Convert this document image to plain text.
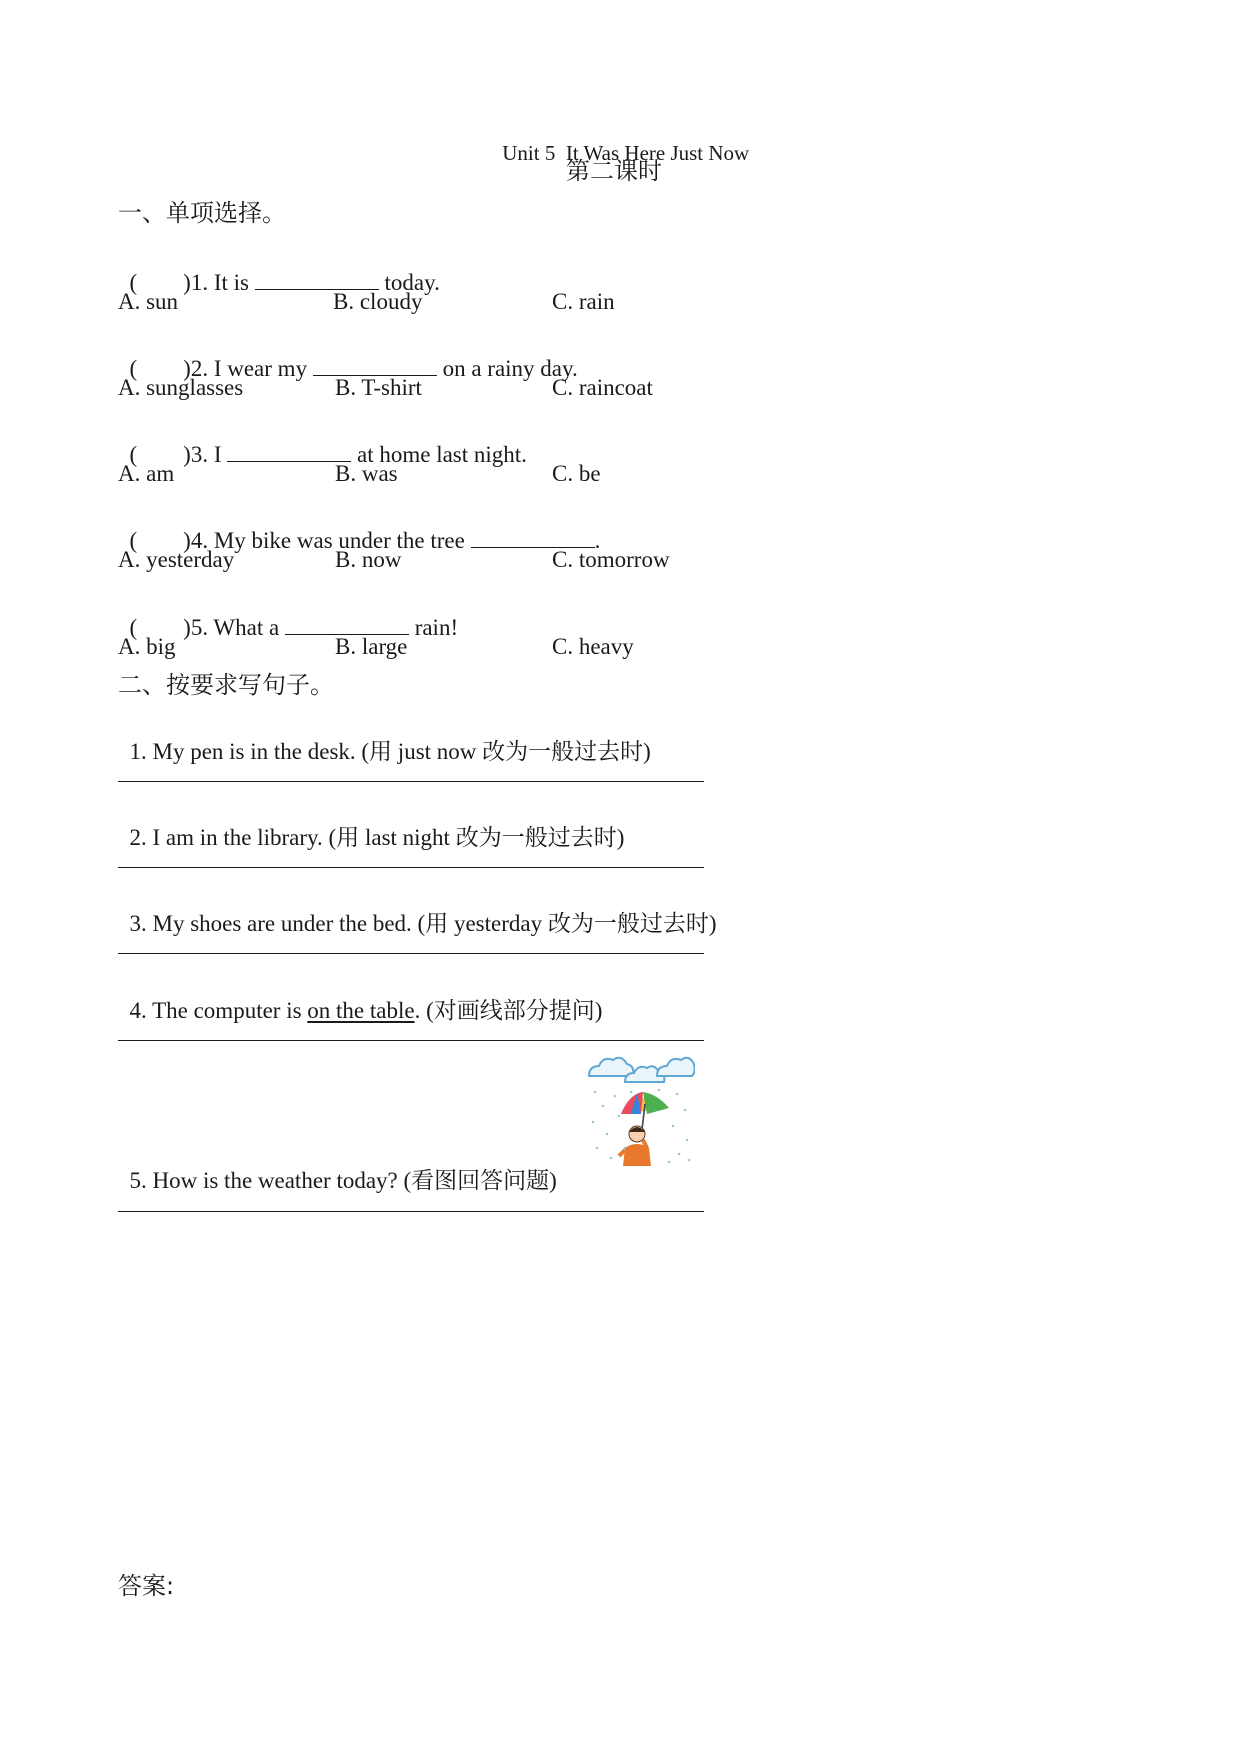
Unit 5  It Was Here Just Now

第二课时
一、单项选择。

(        )1. It is	today.

A. sun	B. cloudy	C. rain

(        )2. I wear my	on a rainy day.

A. sunglasses	B. T-shirt	C. raincoat

(        )3. I	at home last night.

A. am	B. was	C. be

(        )4. My bike was under the tree	.

A. yesterday	B. now	C. tomorrow

(        )5. What a	rain!

A. big	B. large	C. heavy
二、按要求写句子。

1. My pen is in the desk. (用 just now 改为一般过去时)

2. I am in the library. (用 last night 改为一般过去时)

3. My shoes are under the bed. (用 yesterday 改为一般过去时)

4. The computer is on the table. (对画线部分提问)

5. How is the weather today? (看图回答问题)

答案:
